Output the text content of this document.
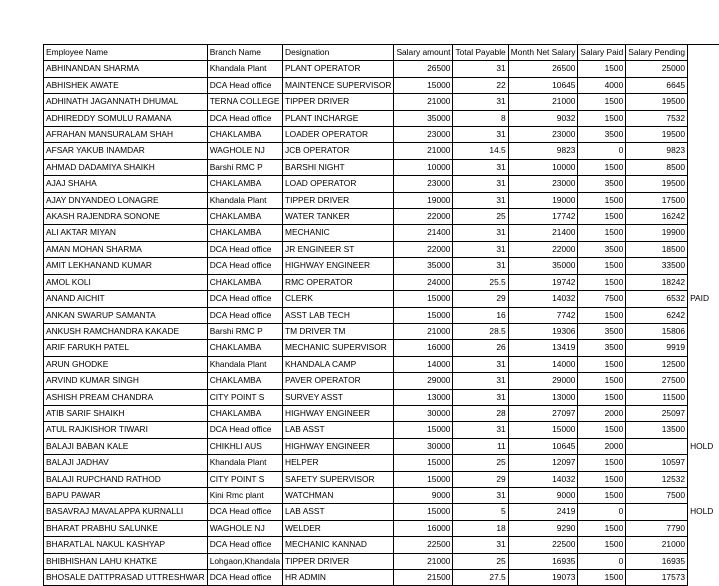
Employee Name	Branch Name	Designation	Salary amount	Total Payable	Month Net Salary	Salary Paid	Salary Pending		
ABHINANDAN SHARMA	Khandala Plant	PLANT OPERATOR	26500	31	26500	1500	25000		
ABHISHEK AWATE	DCA Head office	MAINTENCE SUPERVISOR	15000	22	10645	4000	6645		
ADHINATH JAGANNATH DHUMAL	TERNA COLLEGE	TIPPER DRIVER	21000	31	21000	1500	19500		
ADHIREDDY SOMULU RAMANA	DCA Head office	PLANT INCHARGE	35000	8	9032	1500	7532		
AFRAHAN MANSURALAM SHAH	CHAKLAMBA	LOADER OPERATOR	23000	31	23000	3500	19500		
AFSAR YAKUB INAMDAR	WAGHOLE NJ	JCB OPERATOR	21000	14.5	9823	0	9823		
AHMAD DADAMIYA SHAIKH	Barshi RMC P	BARSHI NIGHT	10000	31	10000	1500	8500		
AJAJ SHAHA	CHAKLAMBA	LOAD OPERATOR	23000	31	23000	3500	19500		
AJAY DNYANDEO LONAGRE	Khandala Plant	TIPPER DRIVER	19000	31	19000	1500	17500		
AKASH RAJENDRA SONONE	CHAKLAMBA	WATER TANKER	22000	25	17742	1500	16242		
ALI AKTAR MIYAN	CHAKLAMBA	MECHANIC	21400	31	21400	1500	19900		
AMAN MOHAN SHARMA	DCA Head office	JR ENGINEER ST	22000	31	22000	3500	18500		
AMIT LEKHANAND KUMAR	DCA Head office	HIGHWAY ENGINEER	35000	31	35000	1500	33500		
AMOL KOLI	CHAKLAMBA	RMC OPERATOR	24000	25.5	19742	1500	18242		
ANAND AICHIT	DCA Head office	CLERK	15000	29	14032	7500	6532	PAID	
ANKAN SWARUP SAMANTA	DCA Head office	ASST LAB TECH	15000	16	7742	1500	6242		
ANKUSH RAMCHANDRA KAKADE	Barshi RMC P	TM DRIVER TM	21000	28.5	19306	3500	15806		
ARIF FARUKH PATEL	CHAKLAMBA	MECHANIC SUPERVISOR	16000	26	13419	3500	9919		
ARUN GHODKE	Khandala Plant	KHANDALA CAMP	14000	31	14000	1500	12500		
ARVIND KUMAR SINGH	CHAKLAMBA	PAVER OPERATOR	29000	31	29000	1500	27500		
ASHISH PREAM CHANDRA	CITY POINT S	SURVEY ASST	13000	31	13000	1500	11500		
ATIB SARIF SHAIKH	CHAKLAMBA	HIGHWAY ENGINEER	30000	28	27097	2000	25097		
ATUL RAJKISHOR TIWARI	DCA Head office	LAB ASST	15000	31	15000	1500	13500		
BALAJI BABAN KALE	CHIKHLI AUS	HIGHWAY ENGINEER	30000	11	10645	2000		HOLD	
BALAJI JADHAV	Khandala Plant	HELPER	15000	25	12097	1500	10597		
BALAJI RUPCHAND RATHOD	CITY POINT S	SAFETY SUPERVISOR	15000	29	14032	1500	12532		
BAPU PAWAR	Kini Rmc plant	WATCHMAN	9000	31	9000	1500	7500		
BASAVRAJ MAVALAPPA KURNALLI	DCA Head office	LAB ASST	15000	5	2419	0		HOLD	
BHARAT PRABHU SALUNKE	WAGHOLE NJ	WELDER	16000	18	9290	1500	7790		
BHARATLAL NAKUL KASHYAP	DCA Head office	MECHANIC KANNAD	22500	31	22500	1500	21000		
BHIBHISHAN LAHU KHATKE	Lohgaon,Khandala	TIPPER DRIVER	21000	25	16935	0	16935		
BHOSALE DATTPRASAD UTTRESHWAR	DCA Head office	HR ADMIN	21500	27.5	19073	1500	17573		
